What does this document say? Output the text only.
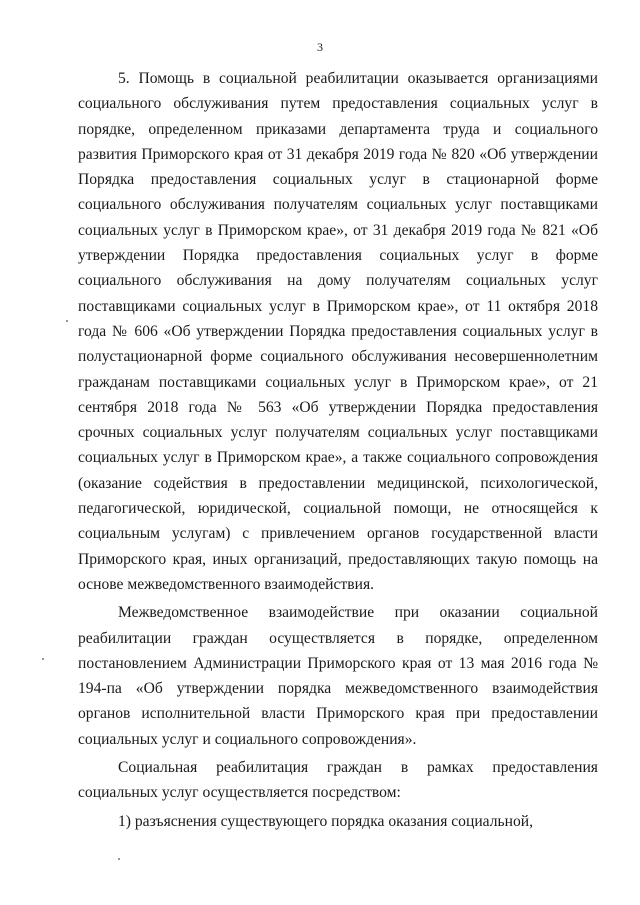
3

5. Помощь в социальной реабилитации оказывается организациями социального обслуживания путем предоставления социальных услуг в порядке, определенном приказами департамента труда и социального развития Приморского края от 31 декабря 2019 года № 820 «Об утверждении Порядка предоставления социальных услуг в стационарной форме социального обслуживания получателям социальных услуг поставщиками социальных услуг в Приморском крае», от 31 декабря 2019 года № 821 «Об утверждении Порядка предоставления социальных услуг в форме социального обслуживания на дому получателям социальных услуг поставщиками социальных услуг в Приморском крае», от 11 октября 2018 года № 606 «Об утверждении Порядка предоставления социальных услуг в полустационарной форме социального обслуживания несовершеннолетним гражданам поставщиками социальных услуг в Приморском крае», от 21 сентября 2018 года № 563 «Об утверждении Порядка предоставления срочных социальных услуг получателям социальных услуг поставщиками социальных услуг в Приморском крае», а также социального сопровождения (оказание содействия в предоставлении медицинской, психологической, педагогической, юридической, социальной помощи, не относящейся к социальным услугам) с привлечением органов государственной власти Приморского края, иных организаций, предоставляющих такую помощь на основе межведомственного взаимодействия.

Межведомственное взаимодействие при оказании социальной реабилитации граждан осуществляется в порядке, определенном постановлением Администрации Приморского края от 13 мая 2016 года № 194-па «Об утверждении порядка межведомственного взаимодействия органов исполнительной власти Приморского края при предоставлении социальных услуг и социального сопровождения».

Социальная реабилитация граждан в рамках предоставления социальных услуг осуществляется посредством:

1) разъяснения существующего порядка оказания социальной,
